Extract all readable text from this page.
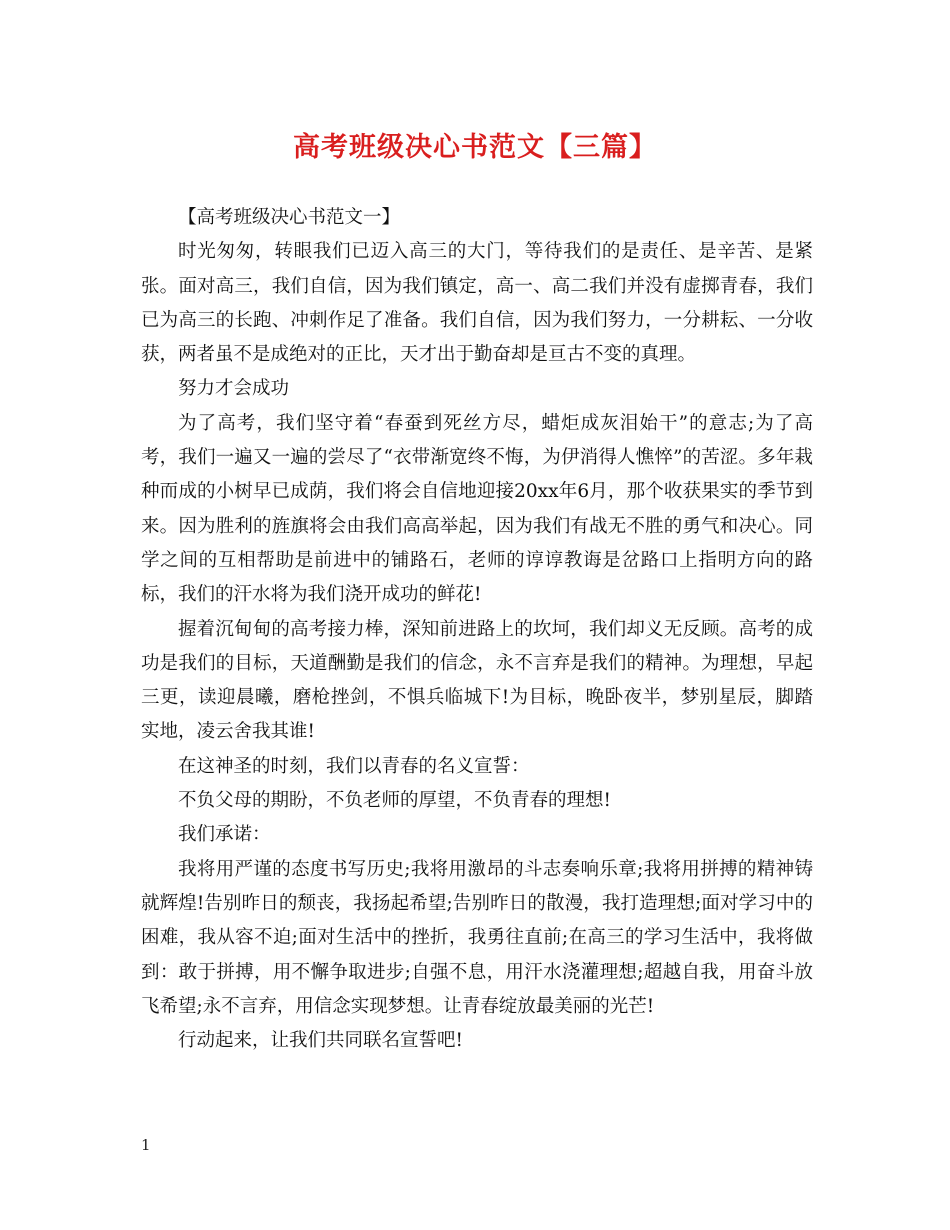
高考班级决心书范文【三篇】

【高考班级决心书范文一】

时光匆匆，转眼我们已迈入高三的大门，等待我们的是责任、是辛苦、是紧张。面对高三，我们自信，因为我们镇定，高一、高二我们并没有虚掷青春，我们已为高三的长跑、冲刺作足了准备。我们自信，因为我们努力，一分耕耘、一分收获，两者虽不是成绝对的正比，天才出于勤奋却是亘古不变的真理。

努力才会成功

为了高考，我们坚守着“春蚕到死丝方尽，蜡炬成灰泪始干”的意志;为了高考，我们一遍又一遍的尝尽了“衣带渐宽终不悔，为伊消得人憔悴”的苦涩。多年栽种而成的小树早已成荫，我们将会自信地迎接20xx年6月，那个收获果实的季节到来。因为胜利的旌旗将会由我们高高举起，因为我们有战无不胜的勇气和决心。同学之间的互相帮助是前进中的铺路石，老师的谆谆教诲是岔路口上指明方向的路标，我们的汗水将为我们浇开成功的鲜花!

握着沉甸甸的高考接力棒，深知前进路上的坎坷，我们却义无反顾。高考的成功是我们的目标，天道酬勤是我们的信念，永不言弃是我们的精神。为理想，早起三更，读迎晨曦，磨枪挫剑，不惧兵临城下!为目标，晚卧夜半，梦别星辰，脚踏实地，凌云舍我其谁!

在这神圣的时刻，我们以青春的名义宣誓：

不负父母的期盼，不负老师的厚望，不负青春的理想!

我们承诺：

我将用严谨的态度书写历史;我将用激昂的斗志奏响乐章;我将用拼搏的精神铸就辉煌!告别昨日的颓丧，我扬起希望;告别昨日的散漫，我打造理想;面对学习中的困难，我从容不迫;面对生活中的挫折，我勇往直前;在高三的学习生活中，我将做到：敢于拼搏，用不懈争取进步;自强不息，用汗水浇灌理想;超越自我，用奋斗放飞希望;永不言弃，用信念实现梦想。让青春绽放最美丽的光芒!

行动起来，让我们共同联名宣誓吧!

1
